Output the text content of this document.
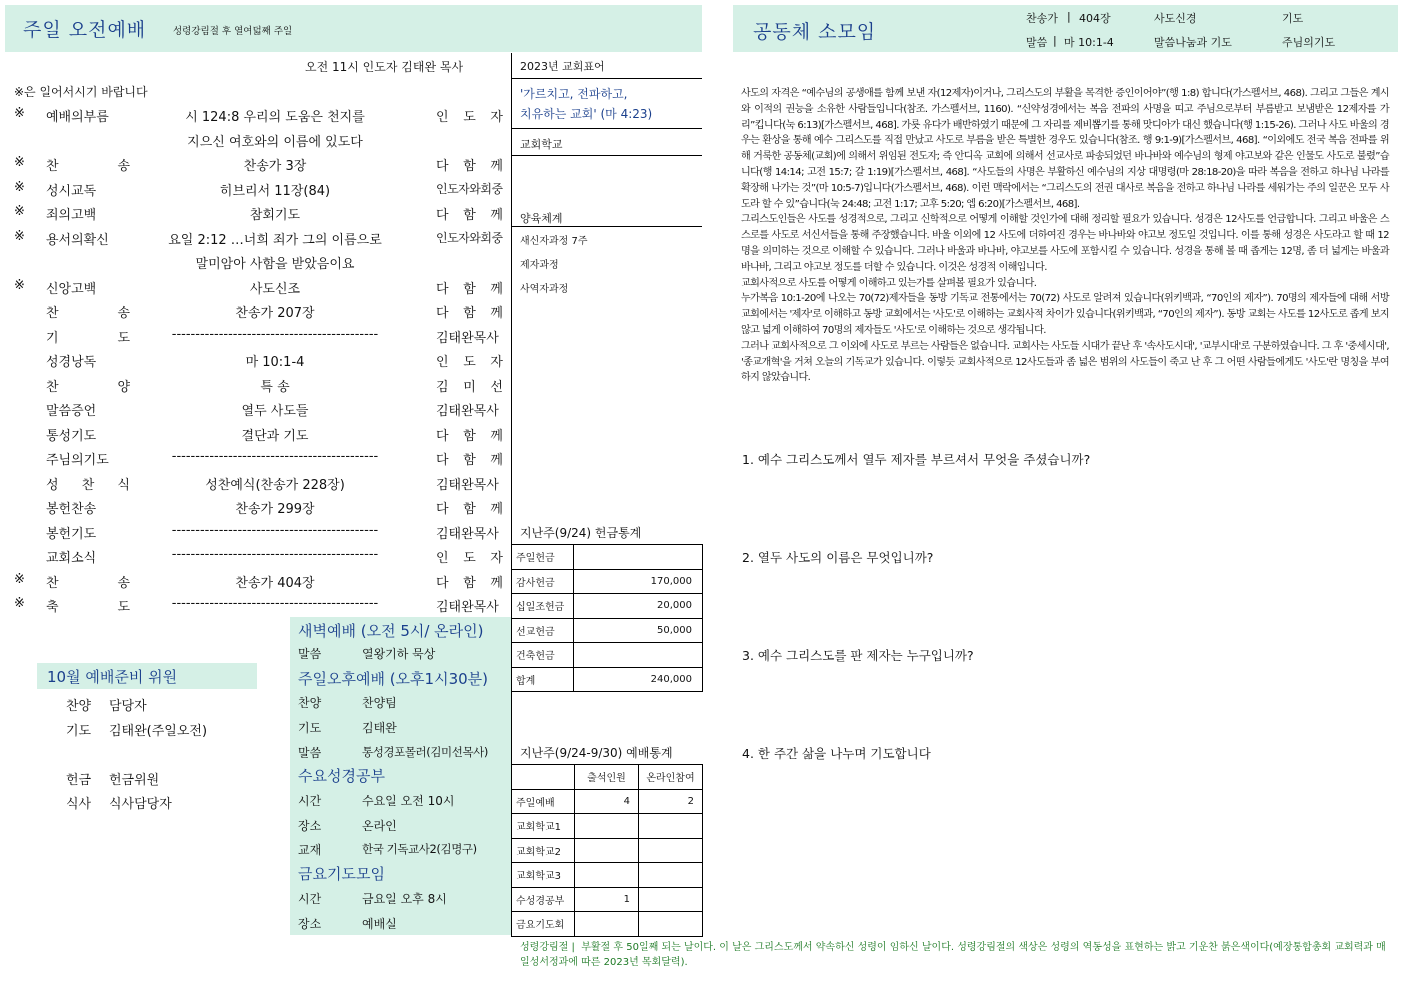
주일 오전예배	성령강림절 후 열여덟째 주일
오전 11시 인도자 김태완 목사
※은 일어서시기 바랍니다
※ 예배의부름	시 124:8 우리의 도움은 천지를	인 도 자
지으신 여호와의 이름에 있도다
※ 찬 송	찬송가 3장	다 함 께
※ 성시교독	히브리서 11장(84)	인도자와회중
※ 죄의고백	참회기도	다 함 께
※ 용서의확신	요일 2:12 …너희 죄가 그의 이름으로	인도자와회중
말미암아 사함을 받았음이요
※ 신앙고백	사도신조	다 함 께
찬 송	찬송가 207장	다 함 께
기 도	--------------------------------------------	김태완목사
성경낭독	마 10:1-4	인 도 자
찬 양	특 송	김 미 선
말씀증언	열두 사도들	김태완목사
통성기도	결단과 기도	다 함 께
주님의기도	--------------------------------------------	다 함 께
성 찬 식	성찬예식(찬송가 228장)	김태완목사
봉헌찬송	찬송가 299장	다 함 께
봉헌기도	--------------------------------------------	김태완목사
교회소식	--------------------------------------------	인 도 자
※ 찬 송	찬송가 404장	다 함 께
※ 축 도	--------------------------------------------	김태완목사
2023년 교회표어
'가르치고, 전파하고,
치유하는 교회' (마 4:23)
교회학교
양육체계
새신자과정 7주
제자과정
사역자과정
지난주(9/24) 헌금통계
주일헌금	
감사헌금	170,000
십일조헌금	20,000
선교헌금	50,000
건축헌금	
합계	240,000
지난주(9/24-9/30) 예배통계
	출석인원	온라인참여
주일예배	4	2
교회학교1		
교회학교2		
교회학교3		
수성경공부	1	
금요기도회		
10월 예배준비 위원
찬양 담당자
기도 김태완(주일오전)
헌금 헌금위원
식사 식사담당자
새벽예배 (오전 5시/ 온라인)
말씀	열왕기하 묵상
주일오후예배 (오후1시30분)
찬양	찬양팀
기도	김태완
말씀	통성경포몰러(김미선목사)
수요성경공부
시간	수요일 오전 10시
장소	온라인
교재	한국 기독교사2(김명구)
금요기도모임
시간	금요일 오후 8시
장소	예배실
성령강림절 |  부활절 후 50일째 되는 날이다. 이 날은 그리스도께서 약속하신 성령이 임하신 날이다. 성령강림절의 색상은 성령의 역동성을 표현하는 밝고 기운찬 붉은색이다(예장통합총회 교회력과 매일성서정과에 따른 2023년 목회달력).
공동체 소모임
찬송가 | 404장	사도신경	기도
말씀 | 마 10:1-4	말씀나눔과 기도	주님의기도

사도의 자격은 “예수님의 공생애를 함께 보낸 자(12제자)이거나, 그리스도의 부활을 목격한 증인이어야”(행 1:8) 합니다(가스펠서브, 468). 그리고 그들은 계시와 이적의 권능을 소유한 사람들입니다(참조. 가스펠서브, 1160). “신약성경에서는 복음 전파의 사명을 띠고 주님으로부터 부름받고 보냄받은 12제자를 가리”킵니다(눅 6:13)[가스펠서브, 468]. 가룟 유다가 배반하였기 때문에 그 자리를 제비뽑기를 통해 맛디아가 대신 했습니다(행 1:15-26). 그러나 사도 바울의 경우는 환상을 통해 예수 그리스도를 직접 만났고 사도로 부름을 받은 특별한 경우도 있습니다(참조. 행 9:1-9)[가스펠서브, 468]. “이외에도 전국 복음 전파를 위해 거룩한 공동체(교회)에 의해서 위임된 전도자; 즉 안디옥 교회에 의해서 선교사로 파송되었던 바나바와 예수님의 형제 야고보와 같은 인물도 사도로 불렸”습니다(행 14:14; 고전 15:7; 갈 1:19)[가스펠서브, 468]. “사도들의 사명은 부활하신 예수님의 지상 대명령(마 28:18-20)을 따라 복음을 전하고 하나님 나라를 확장해 나가는 것”(마 10:5-7)입니다(가스펠서브, 468). 이런 맥락에서는 “그리스도의 전권 대사로 복음을 전하고 하나님 나라를 세워가는 주의 일꾼은 모두 사도라 할 수 있”습니다(눅 24:48; 고전 1:17; 고후 5:20; 엡 6:20)[가스펠서브, 468].

그리스도인들은 사도를 성경적으로, 그리고 신학적으로 어떻게 이해할 것인가에 대해 정리할 필요가 있습니다. 성경은 12사도를 언급합니다. 그리고 바울은 스스로를 사도로 서신서들을 통해 주장했습니다. 바울 이외에 12 사도에 더하여진 경우는 바나바와 야고보 정도일 것입니다. 이를 통해 성경은 사도라고 할 때 12명을 의미하는 것으로 이해할 수 있습니다. 그러나 바울과 바나바, 야고보를 사도에 포함시킬 수 있습니다. 성경을 통해 볼 때 좁게는 12명, 좀 더 넓게는 바울과 바나바, 그리고 야고보 정도를 더할 수 있습니다. 이것은 성경적 이해입니다.

교회사적으로 사도를 어떻게 이해하고 있는가를 살펴볼 필요가 있습니다.

누가복음 10:1-20에 나오는 70(72)제자들을 동방 기독교 전통에서는 70(72) 사도로 알려져 있습니다(위키백과, “70인의 제자”). 70명의 제자들에 대해 서방 교회에서는 '제자'로 이해하고 동방 교회에서는 '사도'로 이해하는 교회사적 차이가 있습니다(위키백과, “70인의 제자”). 동방 교회는 사도를 12사도로 좁게 보지 않고 넓게 이해하여 70명의 제자들도 '사도'로 이해하는 것으로 생각됩니다.

그러나 교회사적으로 그 이외에 사도로 부르는 사람들은 없습니다. 교회사는 사도들 시대가 끝난 후 '속사도시대', '교부시대'로 구분하였습니다. 그 후 '중세시대', '종교개혁'을 거쳐 오늘의 기독교가 있습니다. 이렇듯 교회사적으로 12사도들과 좀 넓은 범위의 사도들이 죽고 난 후 그 어떤 사람들에게도 '사도'란 명칭을 부여하지 않았습니다.

1. 예수 그리스도께서 열두 제자를 부르셔서 무엇을 주셨습니까?
2. 열두 사도의 이름은 무엇입니까?
3. 예수 그리스도를 판 제자는 누구입니까?
4. 한 주간 삶을 나누며 기도합니다
